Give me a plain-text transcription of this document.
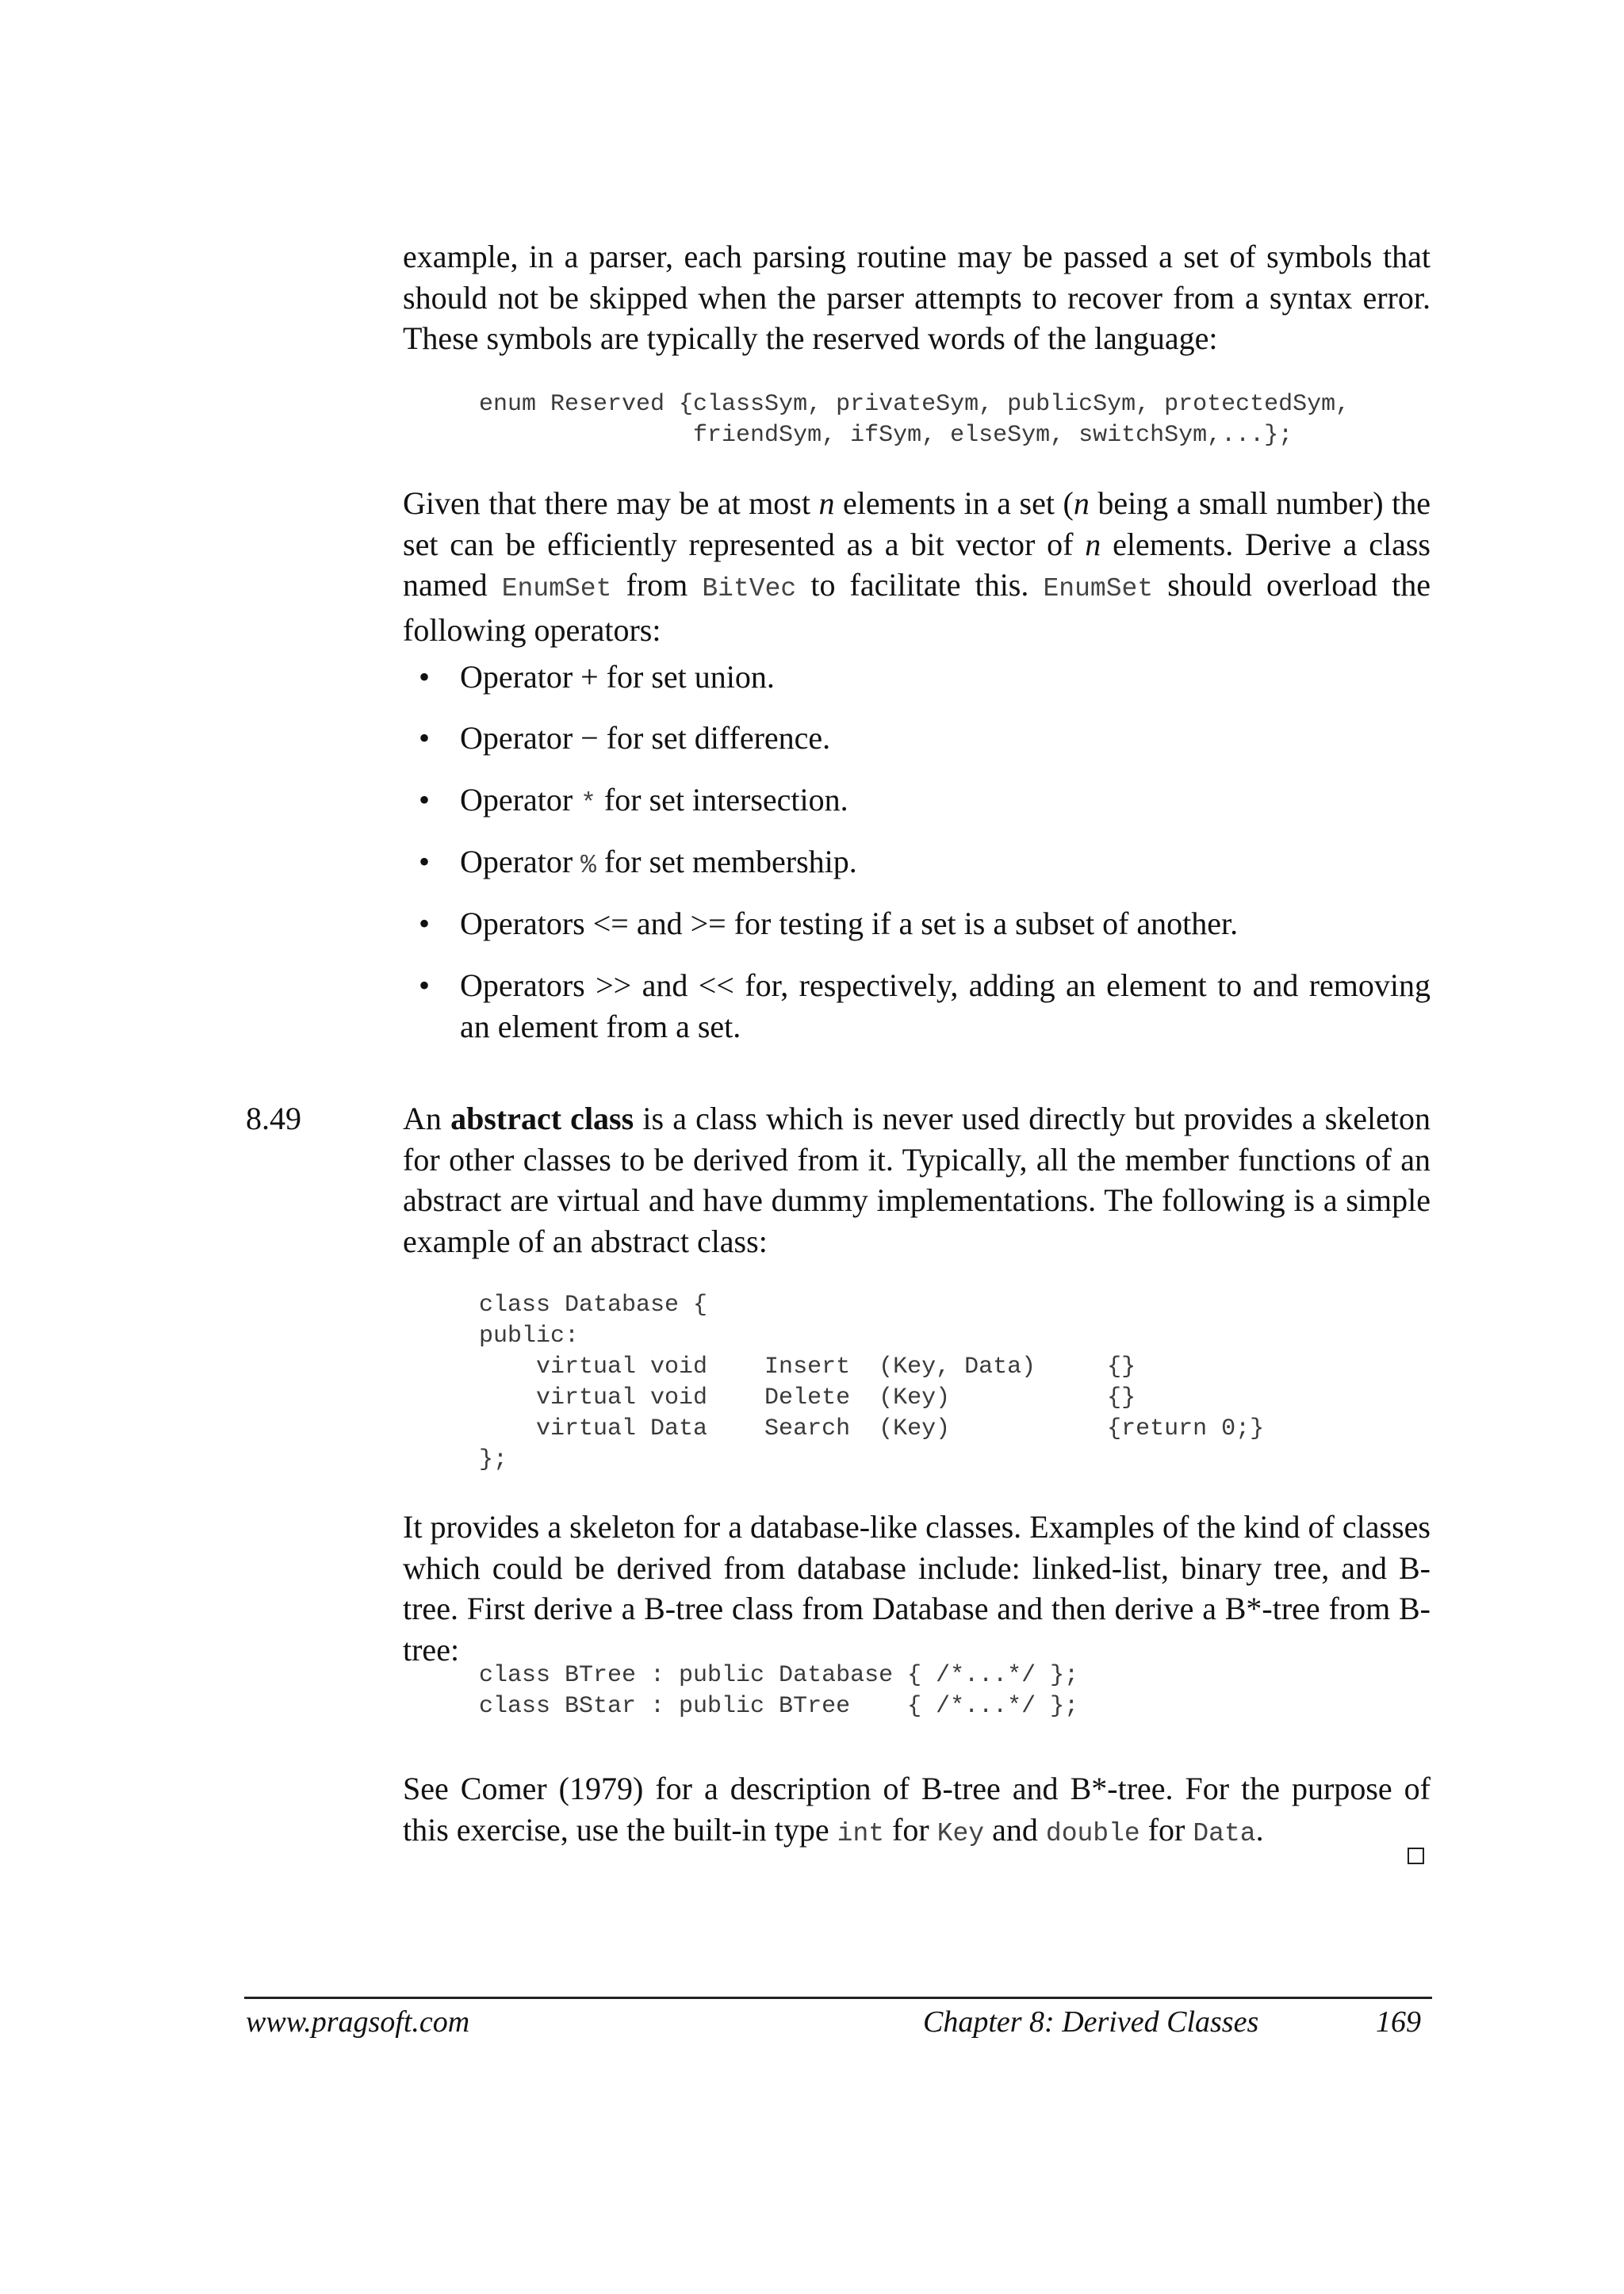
example, in a parser, each parsing routine may be passed a set of symbols that should not be skipped when the parser attempts to recover from a syntax error. These symbols are typically the reserved words of the language:

enum Reserved {classSym, privateSym, publicSym, protectedSym,
friendSym, ifSym, elseSym, switchSym,...};

Given that there may be at most n elements in a set (n being a small number) the set can be efficiently represented as a bit vector of n elements. Derive a class named EnumSet from BitVec to facilitate this. EnumSet should overload the following operators:

• Operator + for set union.
• Operator − for set difference.
• Operator * for set intersection.
• Operator % for set membership.
• Operators <= and >= for testing if a set is a subset of another.
• Operators >> and << for, respectively, adding an element to and removing an element from a set.
8.49	An abstract class is a class which is never used directly but provides a skeleton for other classes to be derived from it. Typically, all the member functions of an abstract are virtual and have dummy implementations. The following is a simple example of an abstract class:

class Database {
public:
virtual void    Insert  (Key, Data)     {}
virtual void    Delete  (Key)           {}
virtual Data    Search  (Key)           {return 0;}
};

It provides a skeleton for a database-like classes. Examples of the kind of classes which could be derived from database include: linked-list, binary tree, and B-tree. First derive a B-tree class from Database and then derive a B*-tree from B-tree:

class BTree : public Database { /*...*/ };
class BStar : public BTree    { /*...*/ };

See Comer (1979) for a description of B-tree and B*-tree. For the purpose of this exercise, use the built-in type int for Key and double for Data.

www.pragsoft.com	Chapter 8: Derived Classes	169
